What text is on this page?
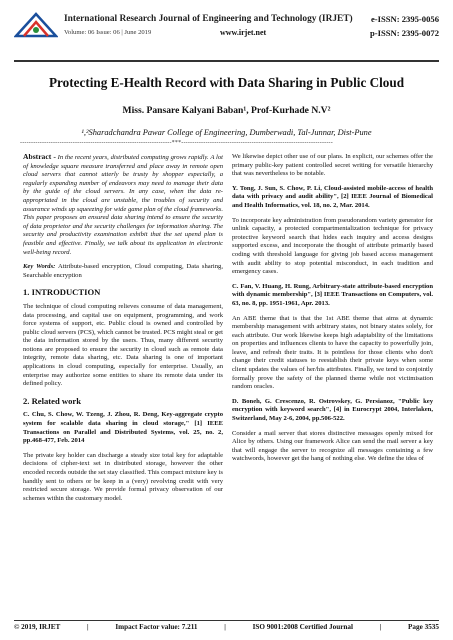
International Research Journal of Engineering and Technology (IRJET) e-ISSN: 2395-0056
Volume: 06 Issue: 06 | June 2019	www.irjet.net	p-ISSN: 2395-0072
Protecting E-Health Record with Data Sharing in Public Cloud
Miss. Pansare Kalyani Baban¹, Prof-Kurhade N.V²
¹,²Sharadchandra Pawar College of Engineering, Dumberwadi, Tal-Junnar, Dist-Pune
---------------------------------------------------------------------***---------------------------------------------------------------------

Abstract - In the recent years, distributed computing grows rapidly. A lot of knowledge square measure transferred and place away in remote open cloud servers that cannot utterly be trusty by shopper especially, a regularly expanding number of endeavors may need to manage their data by the guide of the cloud servers. In any case, when the data re-appropriated in the cloud are unstable, the troubles of security and assurance winds up squeezing for wide game plan of the cloud frameworks. This paper proposes an ensured data sharing intend to ensure the security of data proprietor and the security challenges for information sharing. The security and productivity examination exhibit that the set upend plan is feasible and effective. Finally, we talk about its application in electronic well-being record.

Key Words: Attribute-based encryption, Cloud computing, Data sharing, Searchable encryption

1. INTRODUCTION

The technique of cloud computing relieves consume of data management, data processing, and capital use on equipment, programming, and work force systems of support, etc. Public cloud is owned and controlled by public cloud servers (PCS), which cannot be trusted. PCS might steal or get the data information stored by the users. Thus, many different security notions are proposed to ensure the security in cloud such as remote data integrity, remote data sharing, etc. Data sharing is one of important applications in cloud computing, especially for enterprise. Usually, an enterprise may authorize some entities to share its remote data under its defined policy.

2. Related work

C. Chu, S. Chow, W. Tzeng, J. Zhou, R. Deng, Key-aggregate crypto system for scalable data sharing in cloud storage," [1] IEEE Transactions on Parallel and Distributed Systems, vol. 25, no. 2, pp.468-477, Feb. 2014

The private key holder can discharge a steady size total key for adaptable decisions of cipher-text set in distributed storage, however the other encoded records outside the set stay classified. This compact mixture key is handily sent to others or be keep in a (very) revolving credit with very restricted secure storage. We provide formal privacy observation of our schemes within the customary model.

We likewise depict other use of our plans. In explicit, our schemes offer the primary public-key patient controlled secret writing for versatile hierarchy that was nevertheless to be notable.

Y. Tong, J. Sun, S. Chow, P. Li, Cloud-assisted mobile-access of health data with privacy and audit ability", [2] IEEE Journal of Biomedical and Health Informatics, vol. 18, no. 2, Mar. 2014.

To incorporate key administration from pseudorandom variety generator for unlink capacity, a protected compartmentalization technique for privacy protective keyword search that hides each inquiry and access designs supported excess, and incorporate the thought of attribute primarily based coding with threshold language for giving job based access management with audit ability to stop potential misconduct, in each tradition and emergency cases.

C. Fan, V. Huang, H. Rung, Arbitrary-state attribute-based encryption with dynamic membership", [3] IEEE Transactions on Computers, vol. 63, no. 8, pp. 1951-1961, Apr. 2013.

An ABE theme that is that the 1st ABE theme that aims at dynamic membership management with arbitrary states, not binary states solely, for each attribute. Our work likewise keeps high adaptability of the limitations on properties and influences clients to have the capacity to powerfully join, leave, and refresh their traits. It is pointless for those clients who don't change their credit statuses to reestablish their private keys when some client updates the values of her/his attributes. Finally, we tend to conjointly formally prove the safety of the planned theme while not victimisation random oracles.

D. Boneh, G. Crescenzo, R. Ostrovskey, G. Persianoz, "Public key encryption with keyword search", [4] in Eurocrypt 2004, Interlaken, Switzerland, May 2-6, 2004, pp.506-522.

Consider a mail server that stores distinctive messages openly mixed for Alice by others. Using our framework Alice can send the mail server a key that will engage the server to recognize all messages containing a few watchwords, however get the hang of nothing else. We define the idea of

© 2019, IRJET	|	Impact Factor value: 7.211	|	ISO 9001:2008 Certified Journal	|	Page 3535
